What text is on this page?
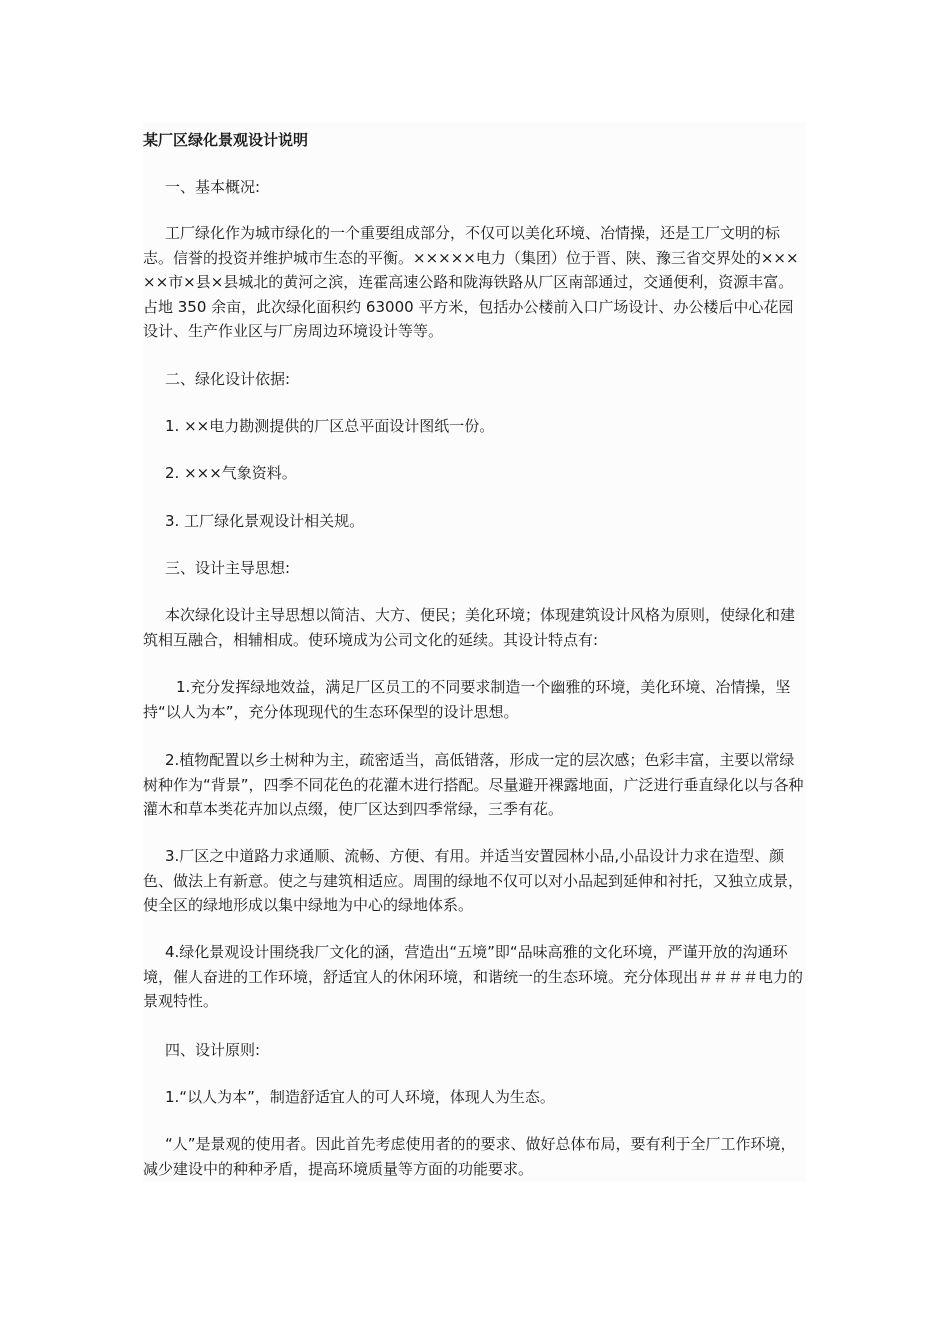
某厂区绿化景观设计说明

一、基本概况:

工厂绿化作为城市绿化的一个重要组成部分，不仅可以美化环境、冶情操，还是工厂文明的标志。信誉的投资并维护城市生态的平衡。×××××电力（集团）位于晋、陕、豫三省交界处的×××××市×县×县城北的黄河之滨，连霍高速公路和陇海铁路从厂区南部通过，交通便利，资源丰富。占地 350 余亩，此次绿化面积约 63000 平方米，包括办公楼前入口广场设计、办公楼后中心花园设计、生产作业区与厂房周边环境设计等等。

二、绿化设计依据:

1. ××电力勘测提供的厂区总平面设计图纸一份。

2. ×××气象资料。

3. 工厂绿化景观设计相关规。

三、设计主导思想:

本次绿化设计主导思想以简洁、大方、便民；美化环境；体现建筑设计风格为原则，使绿化和建筑相互融合，相辅相成。使环境成为公司文化的延续。其设计特点有:

1.充分发挥绿地效益，满足厂区员工的不同要求制造一个幽雅的环境，美化环境、冶情操，坚持“以人为本”，充分体现现代的生态环保型的设计思想。

2.植物配置以乡土树种为主，疏密适当，高低错落，形成一定的层次感；色彩丰富，主要以常绿树种作为“背景”，四季不同花色的花灌木进行搭配。尽量避开裸露地面，广泛进行垂直绿化以与各种灌木和草本类花卉加以点缀，使厂区达到四季常绿，三季有花。

3.厂区之中道路力求通顺、流畅、方便、有用。并适当安置园林小品,小品设计力求在造型、颜色、做法上有新意。使之与建筑相适应。周围的绿地不仅可以对小品起到延伸和衬托，又独立成景，使全区的绿地形成以集中绿地为中心的绿地体系。

4.绿化景观设计围绕我厂文化的涵，营造出“五境”即“品味高雅的文化环境，严谨开放的沟通环境，催人奋进的工作环境，舒适宜人的休闲环境，和谐统一的生态环境。充分体现出＃＃＃＃电力的景观特性。

四、设计原则:

1.“以人为本”，制造舒适宜人的可人环境，体现人为生态。

“人”是景观的使用者。因此首先考虑使用者的的要求、做好总体布局，要有利于全厂工作环境，减少建设中的种种矛盾，提高环境质量等方面的功能要求。
